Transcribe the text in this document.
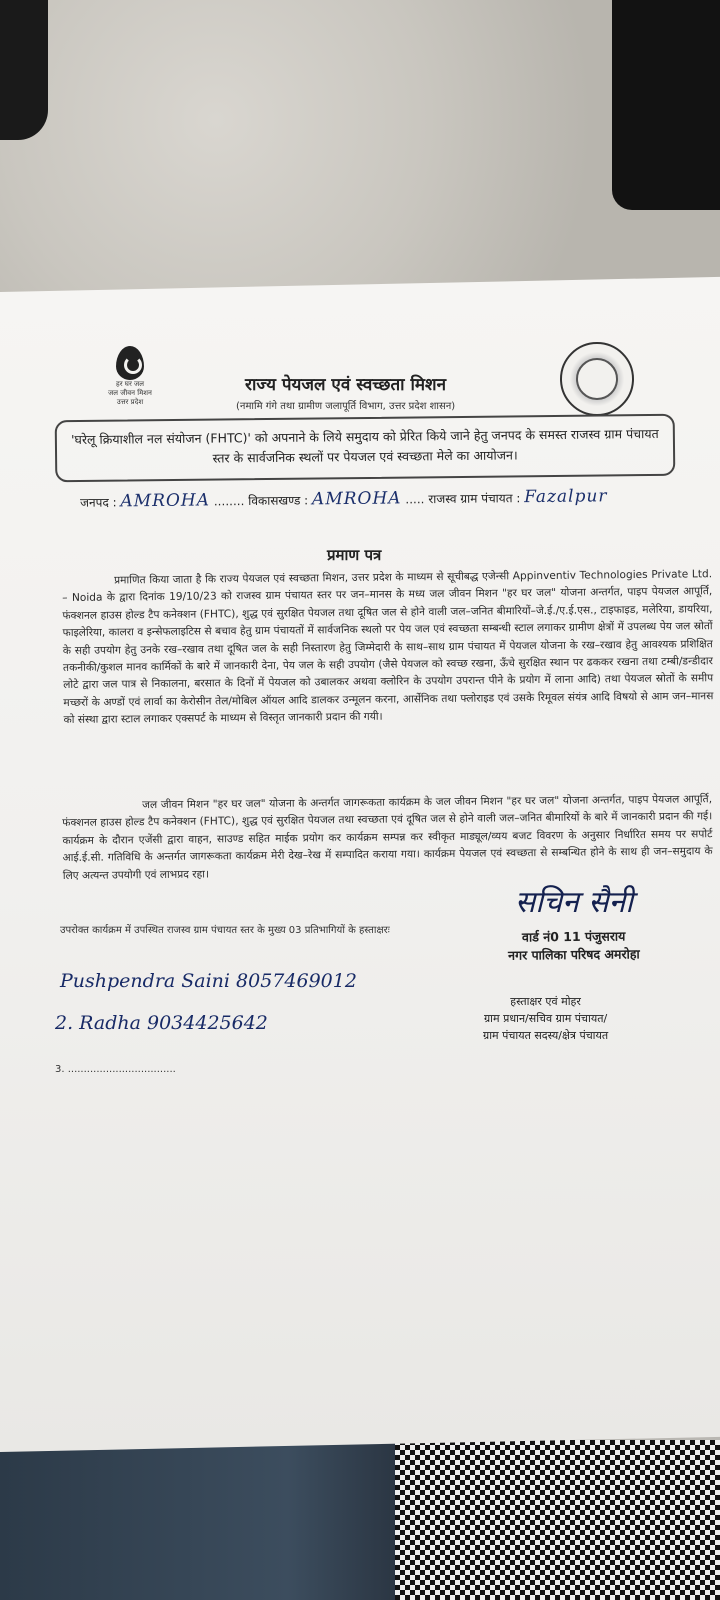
हर घर जल
जल जीवन मिशन
उत्तर प्रदेश
राज्य पेयजल एवं स्वच्छता मिशन
(नमामि गंगे तथा ग्रामीण जलापूर्ति विभाग, उत्तर प्रदेश शासन)
'घरेलू क्रियाशील नल संयोजन (FHTC)' को अपनाने के लिये समुदाय को प्रेरित किये जाने हेतु जनपद के समस्त राजस्व ग्राम पंचायत स्तर के सार्वजनिक स्थलों पर पेयजल एवं स्वच्छता मेले का आयोजन।
जनपद : AMROHA ........ विकासखण्ड : AMROHA ..... राजस्व ग्राम पंचायत : Fazalpur
प्रमाण पत्र
प्रमाणित किया जाता है कि राज्य पेयजल एवं स्वच्छता मिशन, उत्तर प्रदेश के माध्यम से सूचीबद्ध एजेन्सी Appinventiv Technologies Private Ltd. – Noida के द्वारा दिनांक 19/10/23 को राजस्व ग्राम पंचायत स्तर पर जन–मानस के मध्य जल जीवन मिशन "हर घर जल" योजना अन्तर्गत, पाइप पेयजल आपूर्ति, फंक्शनल हाउस होल्ड टैप कनेक्शन (FHTC), शुद्ध एवं सुरक्षित पेयजल तथा दूषित जल से होने वाली जल–जनित बीमारियों–जे.ई./ए.ई.एस., टाइफाइड, मलेरिया, डायरिया, फाइलेरिया, कालरा व इन्सेफलाइटिस से बचाव हेतु ग्राम पंचायतों में सार्वजनिक स्थलो पर पेय जल एवं स्वच्छता सम्बन्धी स्टाल लगाकर ग्रामीण क्षेत्रों में उपलब्ध पेय जल स्रोतों के सही उपयोग हेतु उनके रख–रखाव तथा दूषित जल के सही निस्तारण हेतु जिम्मेदारी के साथ–साथ ग्राम पंचायत में पेयजल योजना के रख–रखाव हेतु आवश्यक प्रशिक्षित तकनीकी/कुशल मानव कार्मिकों के बारे में जानकारी देना, पेय जल के सही उपयोग (जैसे पेयजल को स्वच्छ रखना, ऊँचे सुरक्षित स्थान पर ढककर रखना तथा टम्बी/डन्डीदार लोटे द्वारा जल पात्र से निकालना, बरसात के दिनों में पेयजल को उबालकर अथवा क्लोरिन के उपयोग उपरान्त पीने के प्रयोग में लाना आदि) तथा पेयजल स्रोतों के समीप मच्छरों के अण्डों एवं लार्वा का केरोसीन तेल/मोबिल ऑयल आदि डालकर उन्मूलन करना, आर्सेनिक तथा फ्लोराइड एवं उसके रिमूवल संयंत्र आदि विषयो से आम जन–मानस को संस्था द्वारा स्टाल लगाकर एक्सपर्ट के माध्यम से विस्तृत जानकारी प्रदान की गयी।
जल जीवन मिशन "हर घर जल" योजना के अन्तर्गत जागरूकता कार्यक्रम के जल जीवन मिशन "हर घर जल" योजना अन्तर्गत, पाइप पेयजल आपूर्ति, फंक्शनल हाउस होल्ड टैप कनेक्शन (FHTC), शुद्ध एवं सुरक्षित पेयजल तथा स्वच्छता एवं दूषित जल से होने वाली जल–जनित बीमारियों के बारे में जानकारी प्रदान की गई। कार्यक्रम के दौरान एजेंसी द्वारा वाहन, साउण्ड सहित माईक प्रयोग कर कार्यक्रम सम्पन्न कर स्वीकृत माड्यूल/व्यय बजट विवरण के अनुसार निर्धारित समय पर सपोर्ट आई.ई.सी. गतिविधि के अन्तर्गत जागरूकता कार्यक्रम मेरी देख–रेख में सम्पादित कराया गया। कार्यक्रम पेयजल एवं स्वच्छता से सम्बन्धित होने के साथ ही जन–समुदाय के लिए अत्यन्त उपयोगी एवं लाभप्रद रहा।
सचिन सैनी
वार्ड नं0 11 पंजुसराय
नगर पालिका परिषद अमरोहा
उपरोक्त कार्यक्रम में उपस्थित राजस्व ग्राम पंचायत स्तर के मुख्य 03 प्रतिभागियों के हस्ताक्षरः
Pushpendra Saini 8057469012
2. Radha 9034425642
3. ..................................
हस्ताक्षर एवं मोहर
ग्राम प्रधान/सचिव ग्राम पंचायत/
ग्राम पंचायत सदस्य/क्षेत्र पंचायत
